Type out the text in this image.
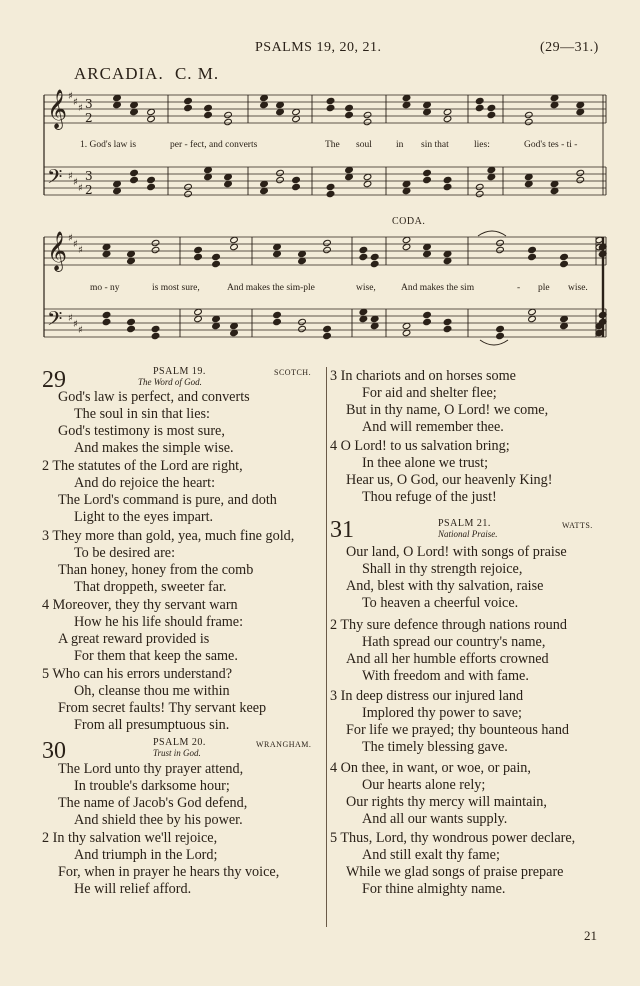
PSALMS 19, 20, 21.	(29—31.)
ARCADIA. C. M.
𝄞 ♯
♯
♯ 3
2
𝄢 ♯
♯
♯
3
2
𝄞 ♯
♯
♯
𝄢 ♯
♯
♯
1. God's law is	per - fect, and converts	The soul	in sin that	lies:	God's tes - ti -
CODA.
mo - ny	is most sure,	And makes the sim-ple	wise,	And makes the sim	- ple wise.
29	PSALM 19.	SCOTCH.
The Word of God.
God's law is perfect, and converts
The soul in sin that lies:
God's testimony is most sure,
And makes the simple wise.
2 The statutes of the Lord are right,
And do rejoice the heart:
The Lord's command is pure, and doth
Light to the eyes impart.
3 They more than gold, yea, much fine gold,
To be desired are:
Than honey, honey from the comb
That droppeth, sweeter far.
4 Moreover, they thy servant warn
How he his life should frame:
A great reward provided is
For them that keep the same.
5 Who can his errors understand?
Oh, cleanse thou me within
From secret faults! Thy servant keep
From all presumptuous sin.
30	PSALM 20.	WRANGHAM.
Trust in God.
The Lord unto thy prayer attend,
In trouble's darksome hour;
The name of Jacob's God defend,
And shield thee by his power.
2 In thy salvation we'll rejoice,
And triumph in the Lord;
For, when in prayer he hears thy voice,
He will relief afford.
3 In chariots and on horses some
For aid and shelter flee;
But in thy name, O Lord! we come,
And will remember thee.
4 O Lord! to us salvation bring;
In thee alone we trust;
Hear us, O God, our heavenly King!
Thou refuge of the just!
31	PSALM 21.	WATTS.
National Praise.
Our land, O Lord! with songs of praise
Shall in thy strength rejoice,
And, blest with thy salvation, raise
To heaven a cheerful voice.
2 Thy sure defence through nations round
Hath spread our country's name,
And all her humble efforts crowned
With freedom and with fame.
3 In deep distress our injured land
Implored thy power to save;
For life we prayed; thy bounteous hand
The timely blessing gave.
4 On thee, in want, or woe, or pain,
Our hearts alone rely;
Our rights thy mercy will maintain,
And all our wants supply.
5 Thus, Lord, thy wondrous power declare,
And still exalt thy fame;
While we glad songs of praise prepare
For thine almighty name.
21
